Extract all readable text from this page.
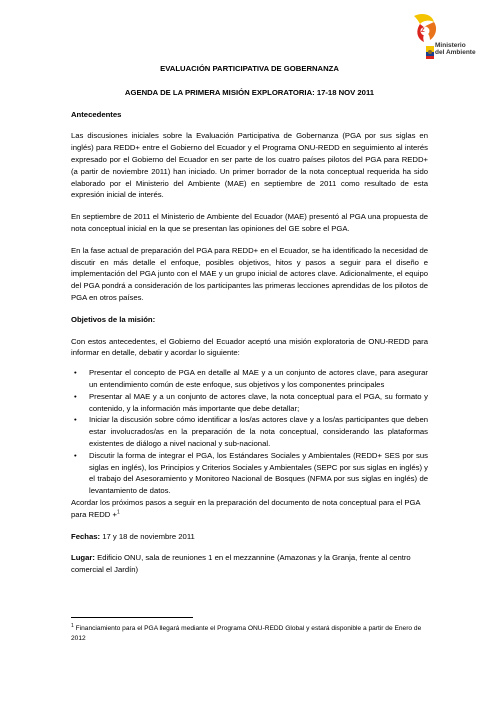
Z
Ministerio
del Ambiente

EVALUACIÓN PARTICIPATIVA DE GOBERNANZA

AGENDA DE LA PRIMERA MISIÓN EXPLORATORIA: 17-18 NOV 2011

Antecedentes

Las discusiones iniciales sobre la Evaluación Participativa de Gobernanza (PGA por sus siglas en inglés) para REDD+ entre el Gobierno del Ecuador y el Programa ONU-REDD en seguimiento al interés expresado por el Gobierno del Ecuador en ser parte de los cuatro países pilotos del PGA para REDD+ (a partir de noviembre 2011) han iniciado. Un primer borrador de la nota conceptual requerida ha sido elaborado por el Ministerio del Ambiente (MAE) en septiembre de 2011 como resultado de esta expresión inicial de interés.

En septiembre de 2011 el Ministerio de Ambiente del Ecuador (MAE) presentó al PGA una propuesta de nota conceptual inicial en la que se presentan las opiniones del GE sobre el PGA.

En la fase actual de preparación del PGA para REDD+ en el Ecuador, se ha identificado la necesidad de discutir en más detalle el enfoque, posibles objetivos, hitos y pasos a seguir para el diseño e implementación del PGA junto con el MAE y un grupo inicial de actores clave. Adicionalmente, el equipo del PGA pondrá a consideración de los participantes las primeras lecciones aprendidas de los pilotos de PGA en otros países.

Objetivos de la misión:

Con estos antecedentes, el Gobierno del Ecuador aceptó una misión exploratoria de ONU-REDD para informar en detalle, debatir y acordar lo siguiente:

• Presentar el concepto de PGA en detalle al MAE y a un conjunto de actores clave, para asegurar un entendimiento común de este enfoque, sus objetivos y los componentes principales
• Presentar al MAE y a un conjunto de actores clave, la nota conceptual para el PGA, su formato y contenido, y la información más importante que debe detallar;
• Iniciar la discusión sobre cómo identificar a los/as actores clave y a los/as participantes que deben estar involucrados/as en la preparación de la nota conceptual, considerando las plataformas existentes de diálogo a nivel nacional y sub-nacional.
• Discutir la forma de integrar el PGA, los Estándares Sociales y Ambientales (REDD+ SES por sus siglas en inglés), los Principios y Criterios Sociales y Ambientales (SEPC por sus siglas en inglés) y el trabajo del Asesoramiento y Monitoreo Nacional de Bosques (NFMA por sus siglas en inglés) de levantamiento de datos.

Acordar los próximos pasos a seguir en la preparación del documento de nota conceptual para el PGA para REDD +$^1$

Fechas: 17 y 18 de noviembre 2011

Lugar: Edificio ONU, sala de reuniones 1 en el mezzannine (Amazonas y la Granja, frente al centro comercial el Jardín)

$^1$ Financiamiento para el PGA llegará mediante el Programa ONU-REDD Global y estará disponible a partir de Enero de 2012
